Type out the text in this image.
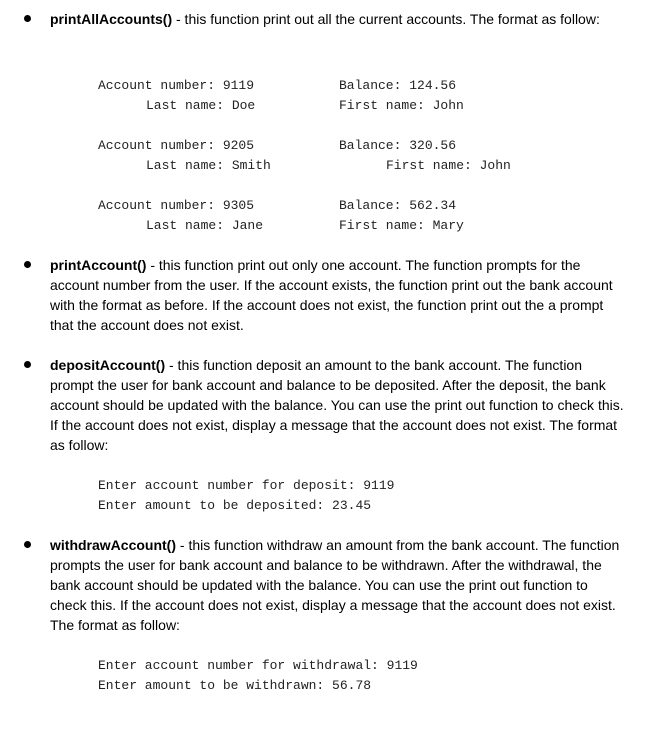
printAllAccounts() - this function print out all the current accounts. The format as follow:
Account number: 9119	Balance: 124.56
Last name: Doe	First name: John
Account number: 9205	Balance: 320.56
Last name: Smith	First name: John
Account number: 9305	Balance: 562.34
Last name: Jane	First name: Mary
printAccount() - this function print out only one account. The function prompts for the account number from the user. If the account exists, the function print out the bank account with the format as before. If the account does not exist, the function print out the a prompt that the account does not exist.
depositAccount() - this function deposit an amount to the bank account. The function prompt the user for bank account and balance to be deposited. After the deposit, the bank account should be updated with the balance. You can use the print out function to check this. If the account does not exist, display a message that the account does not exist. The format as follow:
Enter account number for deposit: 9119
Enter amount to be deposited: 23.45
withdrawAccount() - this function withdraw an amount from the bank account. The function prompts the user for bank account and balance to be withdrawn. After the withdrawal, the bank account should be updated with the balance. You can use the print out function to check this. If the account does not exist, display a message that the account does not exist. The format as follow:
Enter account number for withdrawal: 9119
Enter amount to be withdrawn: 56.78
